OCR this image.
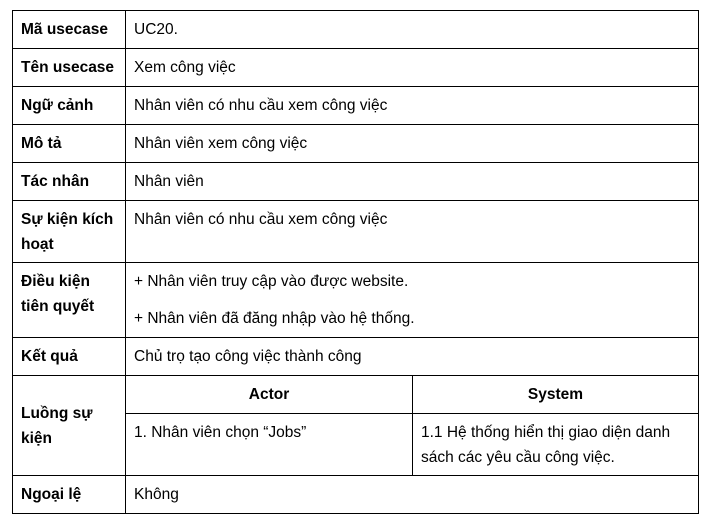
Mã usecase	UC20.	
Tên usecase	Xem công việc	
Ngữ cảnh	Nhân viên có nhu cầu xem công việc	
Mô tả	Nhân viên xem công việc	
Tác nhân	Nhân viên	
Sự kiện kích hoạt	Nhân viên có nhu cầu xem công việc	
Điều kiện tiên quyết	+ Nhân viên truy cập vào được website.
+ Nhân viên đã đăng nhập vào hệ thống.	

Kết quả	Chủ trọ tạo công việc thành công	
Luồng sự kiện	Actor	System
	1. Nhân viên chọn “Jobs”	1.1 Hệ thống hiển thị giao diện danh sách các yêu cầu công việc.
Ngoại lệ	Không	
